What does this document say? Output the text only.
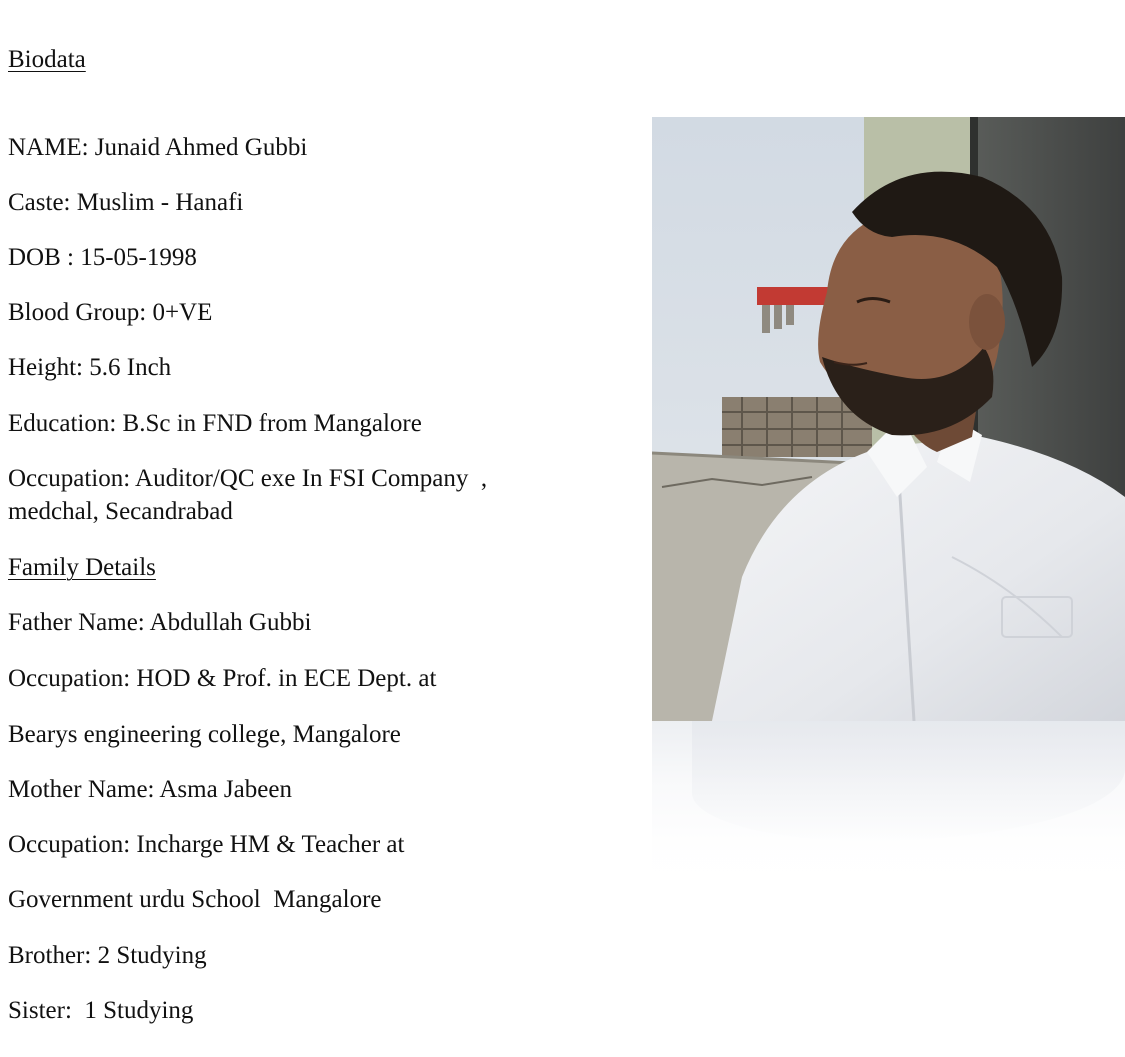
Biodata
NAME: Junaid Ahmed Gubbi
Caste: Muslim - Hanafi
DOB : 15-05-1998
Blood Group: 0+VE
Height: 5.6 Inch
Education: B.Sc in FND from Mangalore
Occupation: Auditor/QC exe In FSI Company  ,
medchal, Secandrabad
Family Details
Father Name: Abdullah Gubbi
Occupation: HOD & Prof. in ECE Dept. at
Bearys engineering college, Mangalore
Mother Name: Asma Jabeen
Occupation: Incharge HM & Teacher at
Government urdu School  Mangalore
Brother: 2 Studying
Sister:  1 Studying
